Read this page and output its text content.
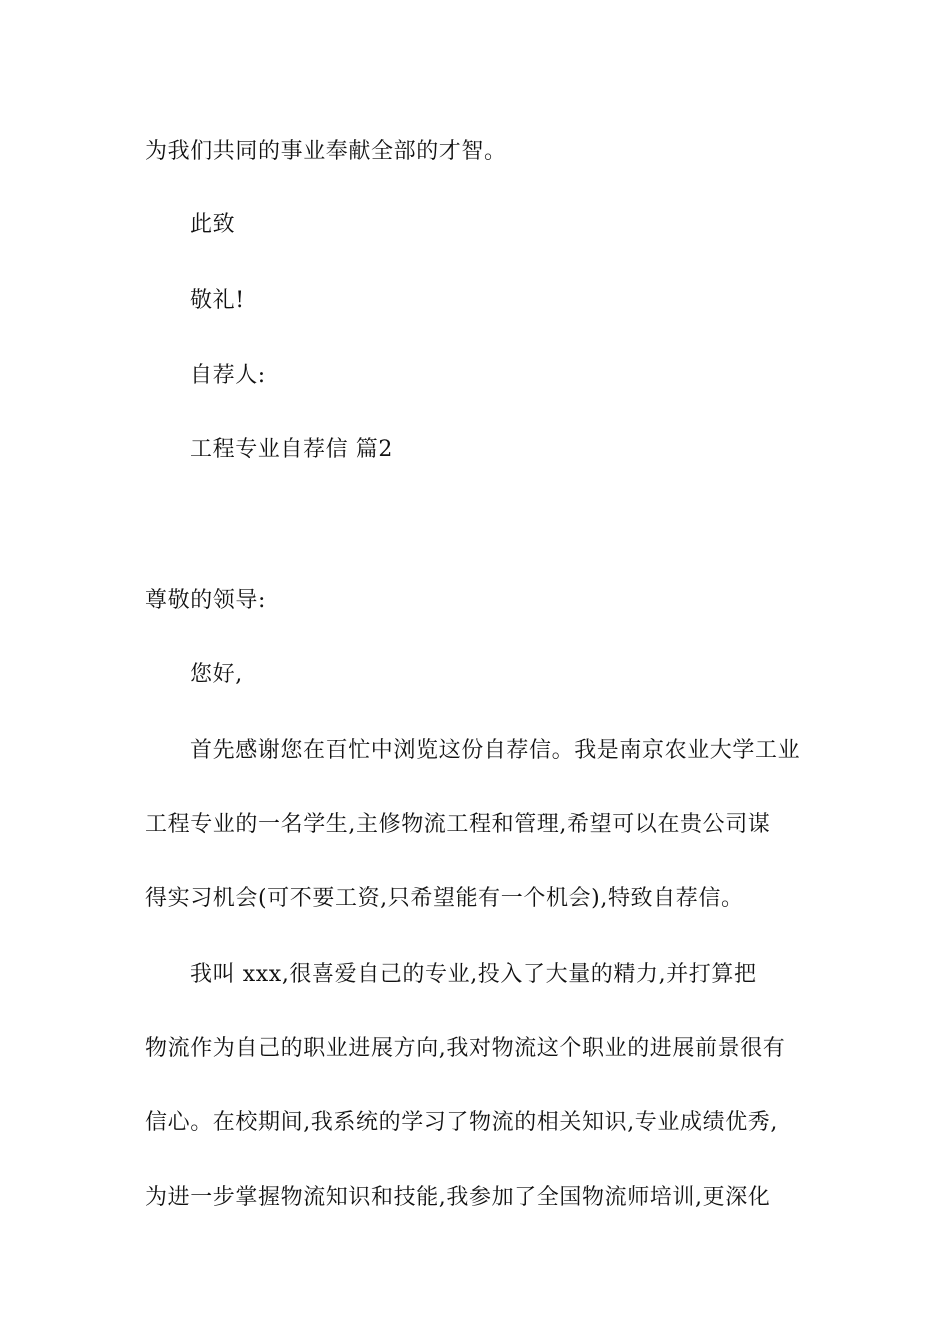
为我们共同的事业奉献全部的才智。
此致
敬礼!
自荐人:
工程专业自荐信 篇2
尊敬的领导:
您好,
首先感谢您在百忙中浏览这份自荐信。我是南京农业大学工业
工程专业的一名学生,主修物流工程和管理,希望可以在贵公司谋
得实习机会(可不要工资,只希望能有一个机会),特致自荐信。
我叫 xxx,很喜爱自己的专业,投入了大量的精力,并打算把
物流作为自己的职业进展方向,我对物流这个职业的进展前景很有
信心。在校期间,我系统的学习了物流的相关知识,专业成绩优秀,
为进一步掌握物流知识和技能,我参加了全国物流师培训,更深化
